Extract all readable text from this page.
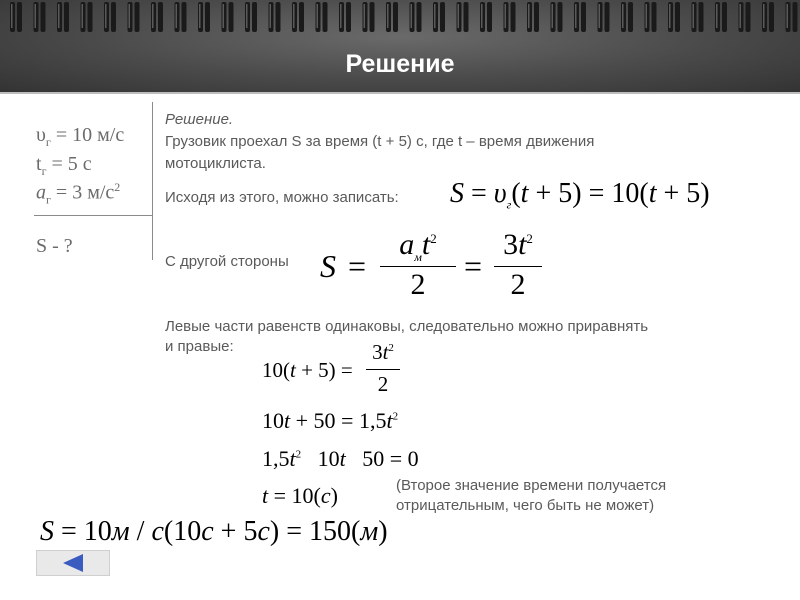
Решение
$\upsilon_г = 10$ м/с
$t_г = 5$ с
$a_г = 3$ $м/с^2$
S - ?
Решение.
Грузовик проехал S за время (t + 5) с, где t – время движения
мотоциклиста.
Исходя из этого, можно записать:
С другой стороны
Левые части равенств одинаковы, следовательно можно приравнять
и правые:
(Второе значение времени получается
отрицательным, чего быть не может)
$S = \upsilon_г(t + 5) = 10(t + 5)$
S =
$a_мt^2$
2
=
$3t^2$
2
10(t + 5) =
$3t^2$
2
$10t + 50 = 1,5t^2$
$1,5t^2$   10t   50 = 0
t = 10(c)
S = 10м / с(10с + 5с) = 150(м)
